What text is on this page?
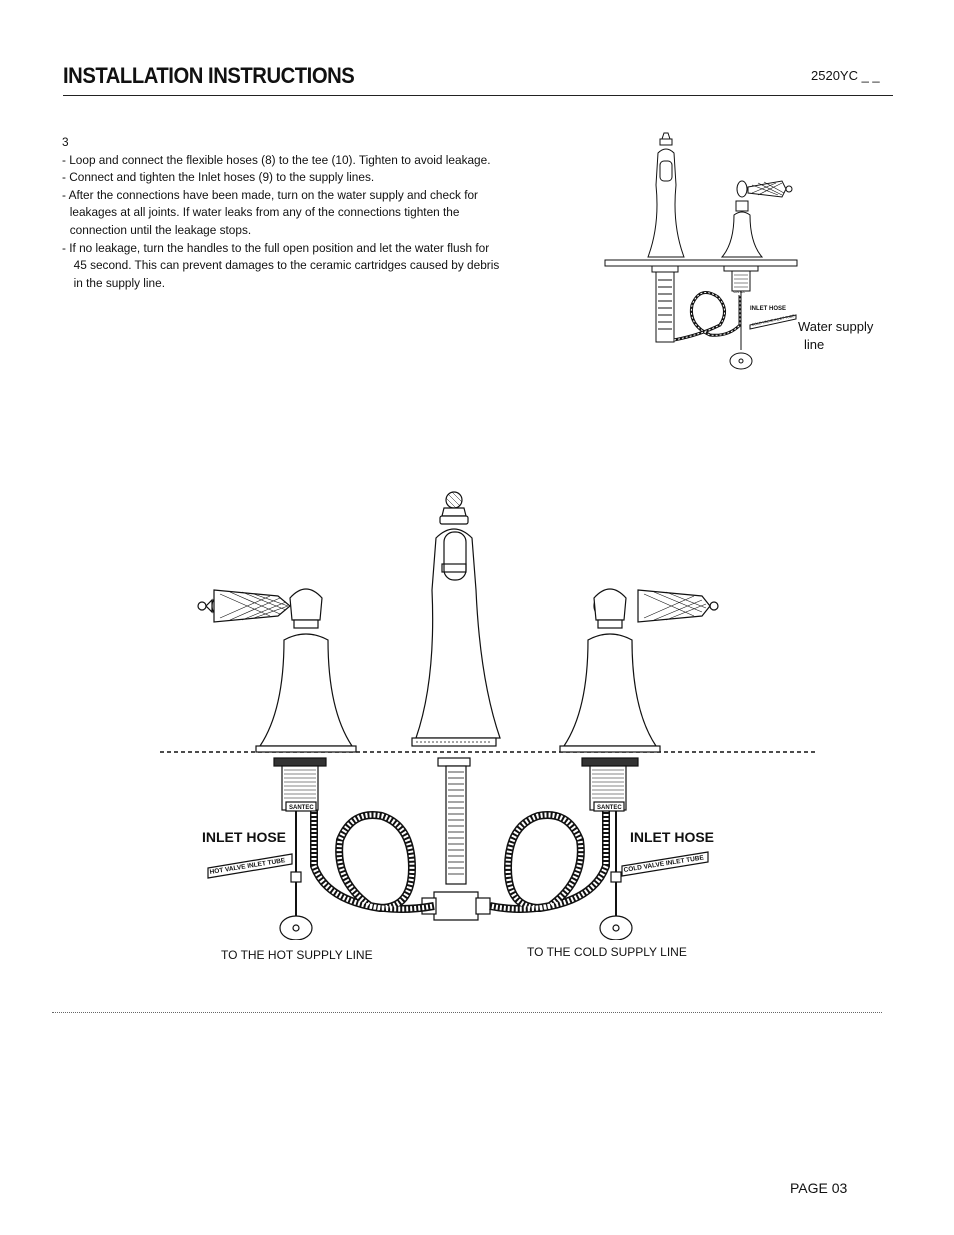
INSTALLATION INSTRUCTIONS	2520YC _ _
3
- Loop and connect the flexible hoses (8) to the tee (10). Tighten to avoid leakage.
- Connect and tighten the Inlet hoses (9) to the supply lines.
- After the connections have been made, turn on the water supply and check for
leakages at all joints. If water leaks from any of the connections tighten the
connection until the leakage stops.
- If no leakage, turn the handles to the full open position and let the water flush for
45 second. This can prevent damages to the ceramic cartridges caused by debris
in the supply line.
INLET HOSE
SANTEC
COLD VALVE INLET TUBE Water supply
line
SANTEC	SANTEC
INLET HOSE	INLET HOSE
HOT VALVE INLET TUBE	COLD VALVE INLET TUBE
TO THE HOT SUPPLY LINE	TO THE COLD SUPPLY LINE
PAGE 03
